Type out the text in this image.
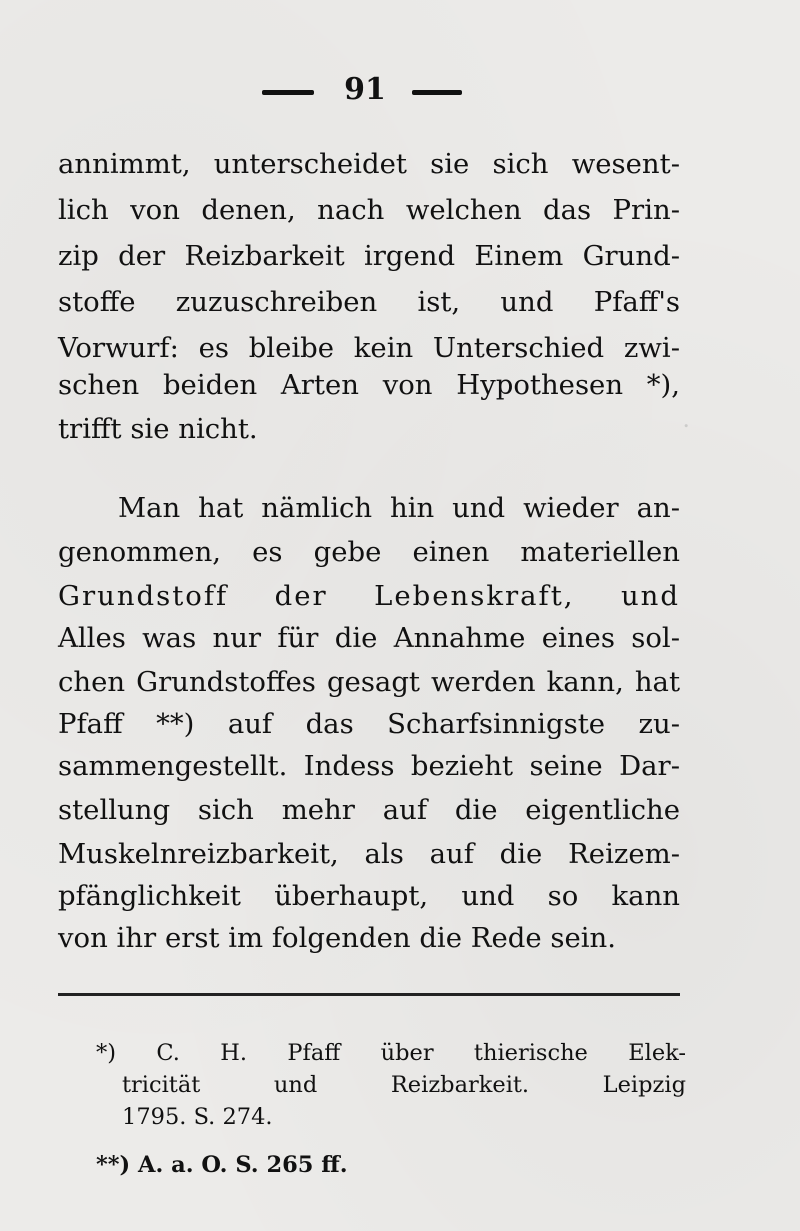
.
91
annimmt, unterscheidet sie sich wesent-
lich von denen, nach welchen das Prin-
zip der Reizbarkeit irgend Einem Grund-
stoffe zuzuschreiben ist, und Pfaff's
Vorwurf: es bleibe kein Unterschied zwi-
schen beiden Arten von Hypothesen *),
trifft sie nicht.
Man hat nämlich hin und wieder an-
genommen, es gebe einen materiellen
Grundstoff der Lebenskraft, und
Alles was nur für die Annahme eines sol-
chen Grundstoffes gesagt werden kann, hat
Pfaff **) auf das Scharfsinnigste zu-
sammengestellt. Indess bezieht seine Dar-
stellung sich mehr auf die eigentliche
Muskelnreizbarkeit, als auf die Reizem-
pfänglichkeit überhaupt, und so kann
von ihr erst im folgenden die Rede sein.
*) C. H. Pfaff über thierische Elek-
tricität und Reizbarkeit. Leipzig
1795. S. 274.
**) A. a. O. S. 265 ff.
